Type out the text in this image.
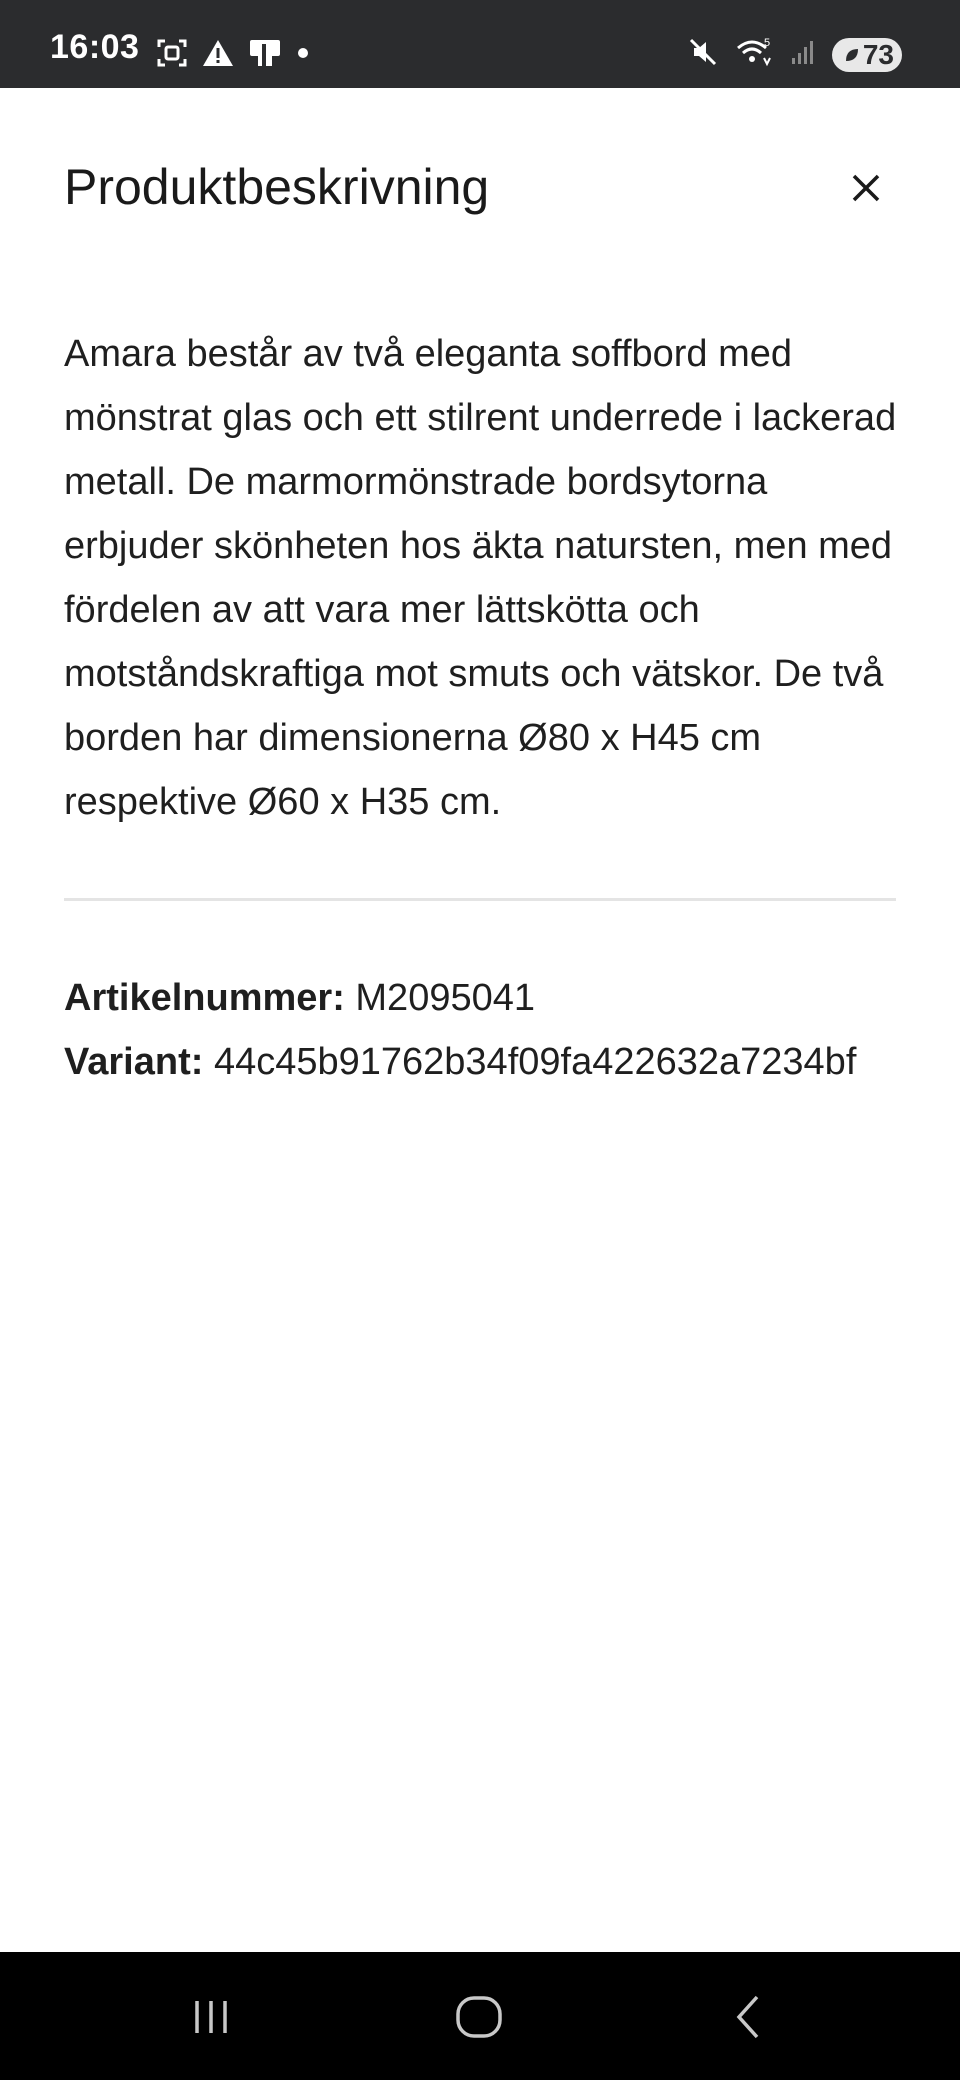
16:03	5	73
Produktbeskrivning

Amara består av två eleganta soffbord med mönstrat glas och ett stilrent underrede i lackerad metall. De marmormönstrade bordsytorna erbjuder skönheten hos äkta natursten, men med fördelen av att vara mer lättskötta och motståndskraftiga mot smuts och vätskor. De två borden har dimensionerna Ø80 x H45 cm respektive Ø60 x H35 cm.

Artikelnummer: M2095041
Variant: 44c45b91762b34f09fa422632a7234bf
